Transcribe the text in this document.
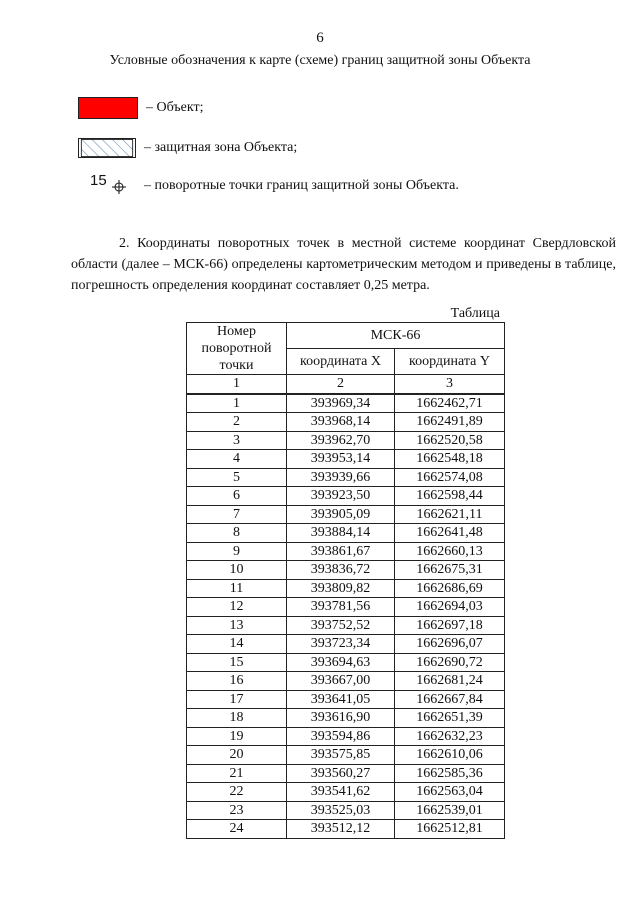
6
Условные обозначения к карте (схеме) границ защитной зоны Объекта
– Объект;
– защитная зона Объекта;
15	– поворотные точки границ защитной зоны Объекта.

2. Координаты поворотных точек в местной системе координат Свердловской области (далее – МСК-66) определены картометрическим методом и приведены в таблице, погрешность определения координат составляет 0,25 метра.

Таблица
Номер поворотной точки	МСК-66	
	координата X	координата Y
1	2	3
1	393969,34	1662462,71
2	393968,14	1662491,89
3	393962,70	1662520,58
4	393953,14	1662548,18
5	393939,66	1662574,08
6	393923,50	1662598,44
7	393905,09	1662621,11
8	393884,14	1662641,48
9	393861,67	1662660,13
10	393836,72	1662675,31
11	393809,82	1662686,69
12	393781,56	1662694,03
13	393752,52	1662697,18
14	393723,34	1662696,07
15	393694,63	1662690,72
16	393667,00	1662681,24
17	393641,05	1662667,84
18	393616,90	1662651,39
19	393594,86	1662632,23
20	393575,85	1662610,06
21	393560,27	1662585,36
22	393541,62	1662563,04
23	393525,03	1662539,01
24	393512,12	1662512,81
